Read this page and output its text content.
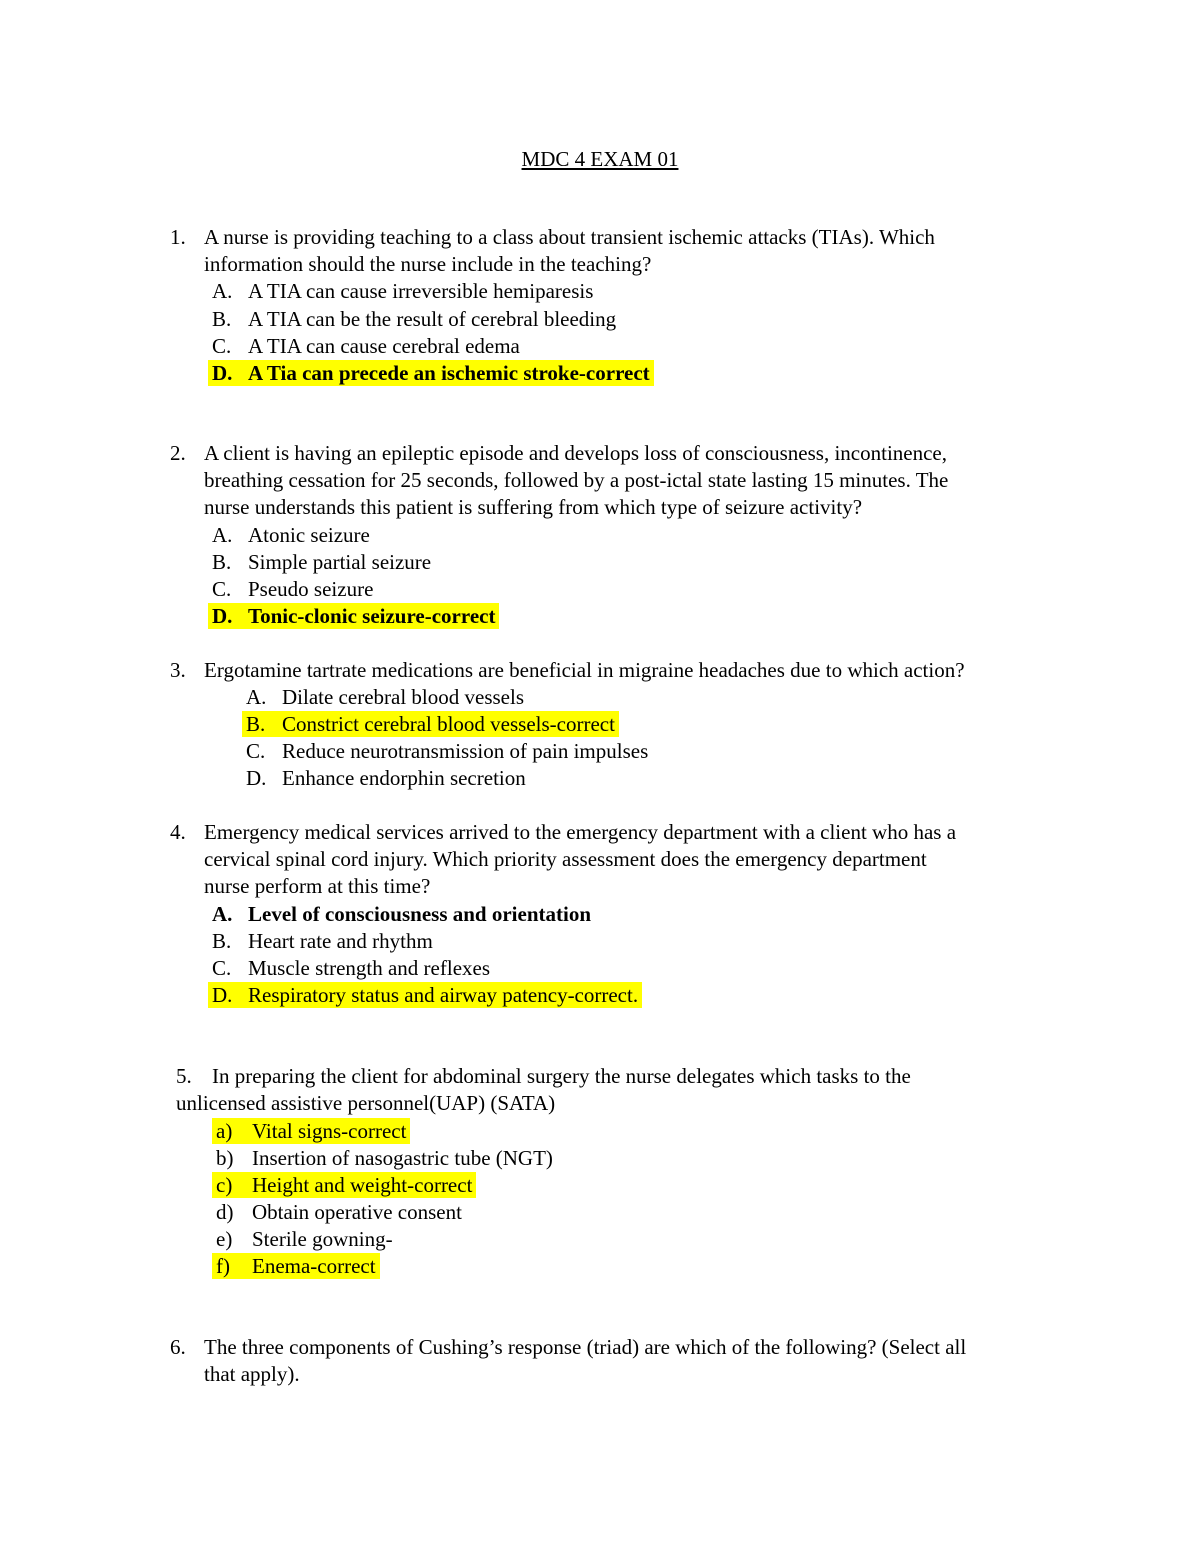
MDC 4 EXAM 01
1. A nurse is providing teaching to a class about transient ischemic attacks (TIAs). Which
information should the nurse include in the teaching?
A. A TIA can cause irreversible hemiparesis
B. A TIA can be the result of cerebral bleeding
C. A TIA can cause cerebral edema
D. A Tia can precede an ischemic stroke-correct
2. A client is having an epileptic episode and develops loss of consciousness, incontinence,
breathing cessation for 25 seconds, followed by a post-ictal state lasting 15 minutes. The
nurse understands this patient is suffering from which type of seizure activity?
A. Atonic seizure
B. Simple partial seizure
C. Pseudo seizure
D. Tonic-clonic seizure-correct
3. Ergotamine tartrate medications are beneficial in migraine headaches due to which action?
A. Dilate cerebral blood vessels
B. Constrict cerebral blood vessels-correct
C. Reduce neurotransmission of pain impulses
D. Enhance endorphin secretion
4. Emergency medical services arrived to the emergency department with a client who has a
cervical spinal cord injury. Which priority assessment does the emergency department
nurse perform at this time?
A. Level of consciousness and orientation
B. Heart rate and rhythm
C. Muscle strength and reflexes
D. Respiratory status and airway patency-correct.
5. In preparing the client for abdominal surgery the nurse delegates which tasks to the
unlicensed assistive personnel(UAP) (SATA)
a) Vital signs-correct
b) Insertion of nasogastric tube (NGT)
c) Height and weight-correct
d) Obtain operative consent
e) Sterile gowning-
f) Enema-correct
6. The three components of Cushing’s response (triad) are which of the following? (Select all
that apply).
